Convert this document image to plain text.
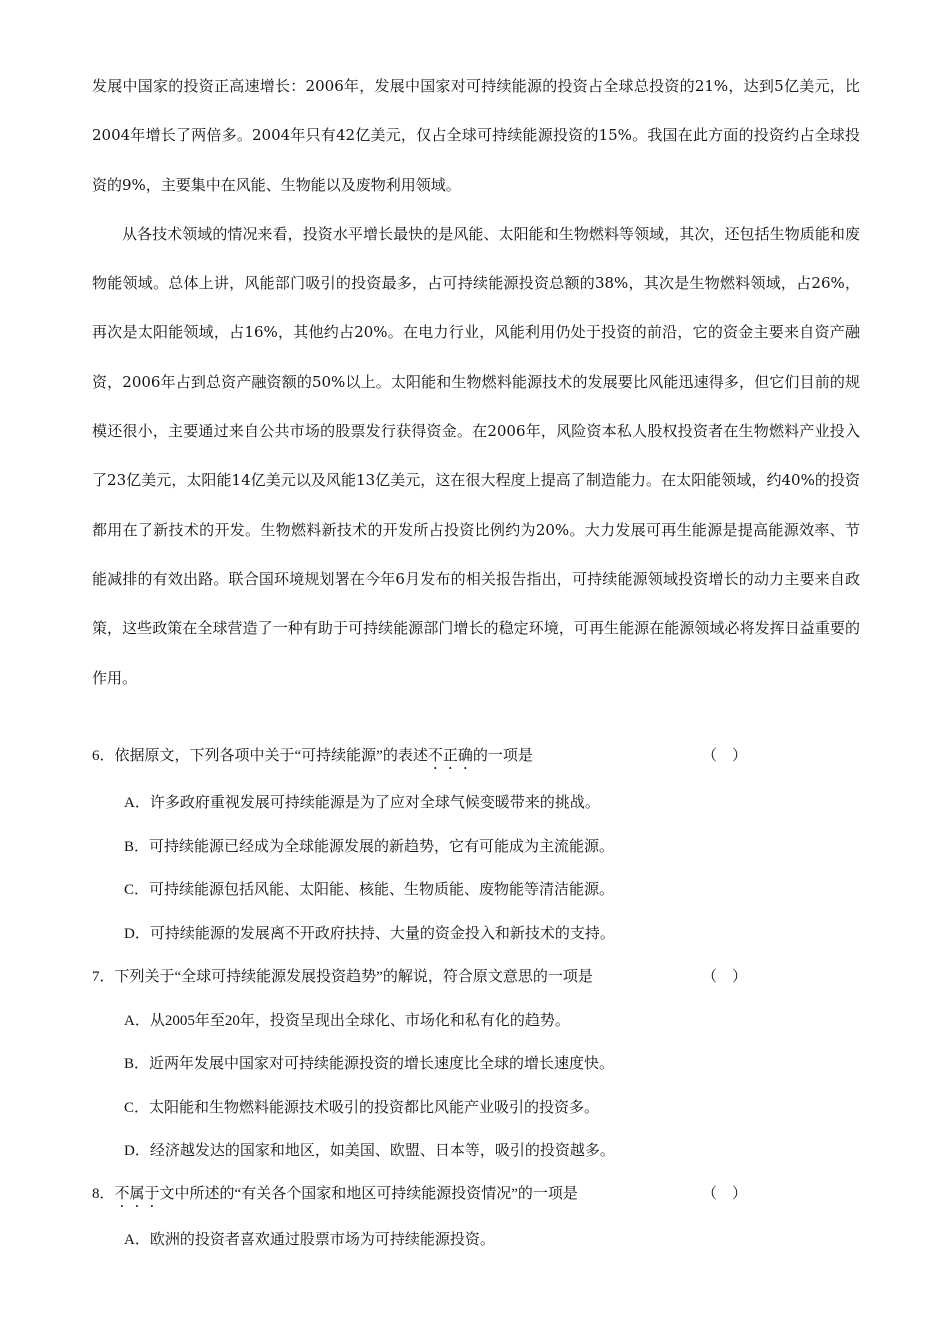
发展中国家的投资正高速增长：2006年，发展中国家对可持续能源的投资占全球总投资的21%，达到5亿美元，比2004年增长了两倍多。2004年只有42亿美元，仅占全球可持续能源投资的15%。我国在此方面的投资约占全球投资的9%，主要集中在风能、生物能以及废物利用领域。

从各技术领域的情况来看，投资水平增长最快的是风能、太阳能和生物燃料等领域，其次，还包括生物质能和废物能领域。总体上讲，风能部门吸引的投资最多，占可持续能源投资总额的38%，其次是生物燃料领域，占26%，再次是太阳能领域，占16%，其他约占20%。在电力行业，风能利用仍处于投资的前沿，它的资金主要来自资产融资，2006年占到总资产融资额的50%以上。太阳能和生物燃料能源技术的发展要比风能迅速得多，但它们目前的规模还很小，主要通过来自公共市场的股票发行获得资金。在2006年，风险资本私人股权投资者在生物燃料产业投入了23亿美元，太阳能14亿美元以及风能13亿美元，这在很大程度上提高了制造能力。在太阳能领域，约40%的投资都用在了新技术的开发。生物燃料新技术的开发所占投资比例约为20%。大力发展可再生能源是提高能源效率、节能减排的有效出路。联合国环境规划署在今年6月发布的相关报告指出，可持续能源领域投资增长的动力主要来自政策，这些政策在全球营造了一种有助于可持续能源部门增长的稳定环境，可再生能源在能源领域必将发挥日益重要的作用。

6．依据原文，下列各项中关于“可持续能源”的表述不正确的一项是	（　）
A．许多政府重视发展可持续能源是为了应对全球气候变暖带来的挑战。
B．可持续能源已经成为全球能源发展的新趋势，它有可能成为主流能源。
C．可持续能源包括风能、太阳能、核能、生物质能、废物能等清洁能源。
D．可持续能源的发展离不开政府扶持、大量的资金投入和新技术的支持。
7．下列关于“全球可持续能源发展投资趋势”的解说，符合原文意思的一项是	（　）
A．从2005年至20年，投资呈现出全球化、市场化和私有化的趋势。
B．近两年发展中国家对可持续能源投资的增长速度比全球的增长速度快。
C．太阳能和生物燃料能源技术吸引的投资都比风能产业吸引的投资多。
D．经济越发达的国家和地区，如美国、欧盟、日本等，吸引的投资越多。
8．不属于文中所述的“有关各个国家和地区可持续能源投资情况”的一项是	（　）
A．欧洲的投资者喜欢通过股票市场为可持续能源投资。
